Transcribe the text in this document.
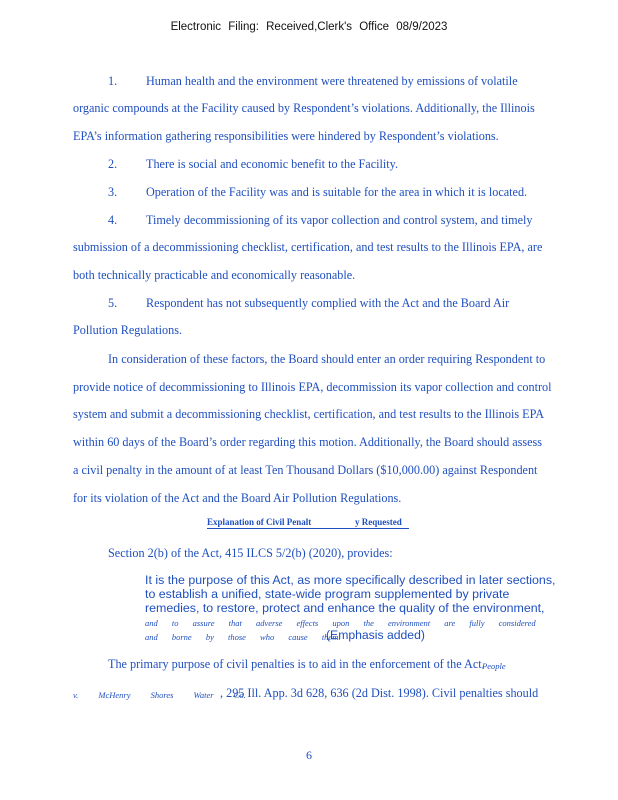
Electronic Filing: Received,Clerk's Office 08/9/2023
1. Human health and the environment were threatened by emissions of volatile
organic compounds at the Facility caused by Respondent’s violations. Additionally, the Illinois
EPA’s information gathering responsibilities were hindered by Respondent’s violations.
2. There is social and economic benefit to the Facility.
3. Operation of the Facility was and is suitable for the area in which it is located.
4. Timely decommissioning of its vapor collection and control system, and timely
submission of a decommissioning checklist, certification, and test results to the Illinois EPA, are
both technically practicable and economically reasonable.
5. Respondent has not subsequently complied with the Act and the Board Air
Pollution Regulations.
In consideration of these factors, the Board should enter an order requiring Respondent to
provide notice of decommissioning to Illinois EPA, decommission its vapor collection and control
system and submit a decommissioning checklist, certification, and test results to the Illinois EPA
within 60 days of the Board’s order regarding this motion. Additionally, the Board should assess
a civil penalty in the amount of at least Ten Thousand Dollars ($10,000.00) against Respondent
for its violation of the Act and the Board Air Pollution Regulations.
Explanation of Civil Penalt	y Requested
Section 2(b) of the Act, 415 ILCS 5/2(b) (2020), provides:
It is the purpose of this Act, as more specifically described in later sections,
to establish a unified, state-wide program supplemented by private
remedies, to restore, protect and enhance the quality of the environment,
and to assure that adverse effects upon the environment are fully considered
and borne by those who cause them.
(Emphasis added)
The primary purpose of civil penalties is to aid in the enforcement of the Act.
People
v. McHenry Shores Water Co.
, 295 Ill. App. 3d 628, 636 (2d Dist. 1998). Civil penalties should
6
